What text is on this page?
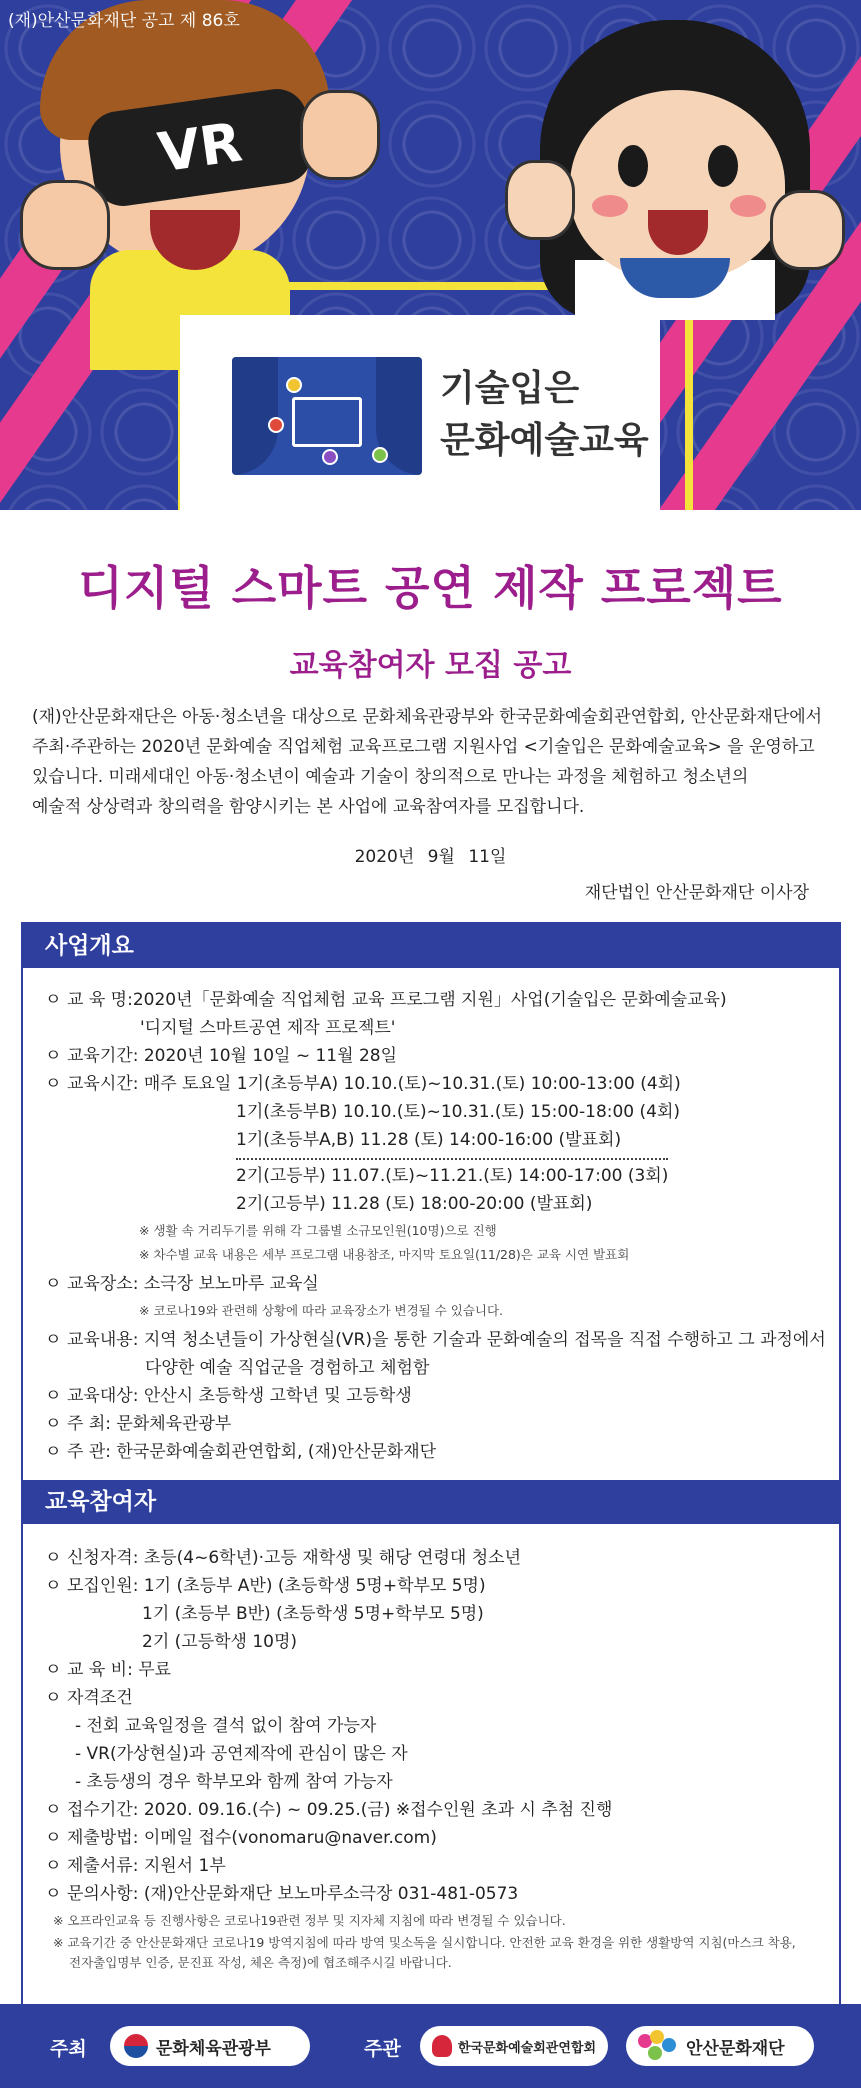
(재)안산문화재단 공고 제 86호
VR
기술입은
문화예술교육
디지털 스마트 공연 제작 프로젝트
교육참여자 모집 공고

(재)안산문화재단은 아동·청소년을 대상으로 문화체육관광부와 한국문화예술회관연합회, 안산문화재단에서

주최·주관하는 2020년 문화예술 직업체험 교육프로그램 지원사업 <기술입은 문화예술교육> 을 운영하고

있습니다. 미래세대인 아동·청소년이 예술과 기술이 창의적으로 만나는 과정을 체험하고 청소년의

예술적 상상력과 창의력을 함양시키는 본 사업에 교육참여자를 모집합니다.

2020년 9월 11일
재단법인 안산문화재단 이사장
사업개요
ㅇ 교 육 명:2020년「문화예술 직업체험 교육 프로그램 지원」사업(기술입은 문화예술교육)
'디지털 스마트공연 제작 프로젝트'
ㅇ 교육기간: 2020년 10월 10일 ~ 11월 28일
ㅇ 교육시간: 매주 토요일 1기(초등부A) 10.10.(토)~10.31.(토) 10:00-13:00 (4회)
1기(초등부B) 10.10.(토)~10.31.(토) 15:00-18:00 (4회)
1기(초등부A,B) 11.28 (토) 14:00-16:00 (발표회)
2기(고등부) 11.07.(토)~11.21.(토) 14:00-17:00 (3회)
2기(고등부) 11.28 (토) 18:00-20:00 (발표회)
※ 생활 속 거리두기를 위해 각 그룹별 소규모인원(10명)으로 진행
※ 차수별 교육 내용은 세부 프로그램 내용참조, 마지막 토요일(11/28)은 교육 시연 발표회
ㅇ 교육장소: 소극장 보노마루 교육실
※ 코로나19와 관련해 상황에 따라 교육장소가 변경될 수 있습니다.
ㅇ 교육내용: 지역 청소년들이 가상현실(VR)을 통한 기술과 문화예술의 접목을 직접 수행하고 그 과정에서
다양한 예술 직업군을 경험하고 체험함
ㅇ 교육대상: 안산시 초등학생 고학년 및 고등학생
ㅇ 주 최: 문화체육관광부
ㅇ 주 관: 한국문화예술회관연합회, (재)안산문화재단
교육참여자
ㅇ 신청자격: 초등(4~6학년)·고등 재학생 및 해당 연령대 청소년
ㅇ 모집인원: 1기 (초등부 A반) (초등학생 5명+학부모 5명)
1기 (초등부 B반) (초등학생 5명+학부모 5명)
2기 (고등학생 10명)
ㅇ 교 육 비: 무료
ㅇ 자격조건
- 전회 교육일정을 결석 없이 참여 가능자
- VR(가상현실)과 공연제작에 관심이 많은 자
- 초등생의 경우 학부모와 함께 참여 가능자
ㅇ 접수기간: 2020. 09.16.(수) ~ 09.25.(금) ※접수인원 초과 시 추첨 진행
ㅇ 제출방법: 이메일 접수(vonomaru@naver.com)
ㅇ 제출서류: 지원서 1부
ㅇ 문의사항: (재)안산문화재단 보노마루소극장 031-481-0573
※ 오프라인교육 등 진행사항은 코로나19관련 정부 및 지자체 지침에 따라 변경될 수 있습니다.
※ 교육기간 중 안산문화재단 코로나19 방역지침에 따라 방역 및소독을 실시합니다. 안전한 교육 환경을 위한 생활방역 지침(마스크 착용,
전자출입명부 인증, 문진표 작성, 체온 측정)에 협조해주시길 바랍니다.
주최	문화체육관광부	주관	한국문화예술회관연합회	안산문화재단
